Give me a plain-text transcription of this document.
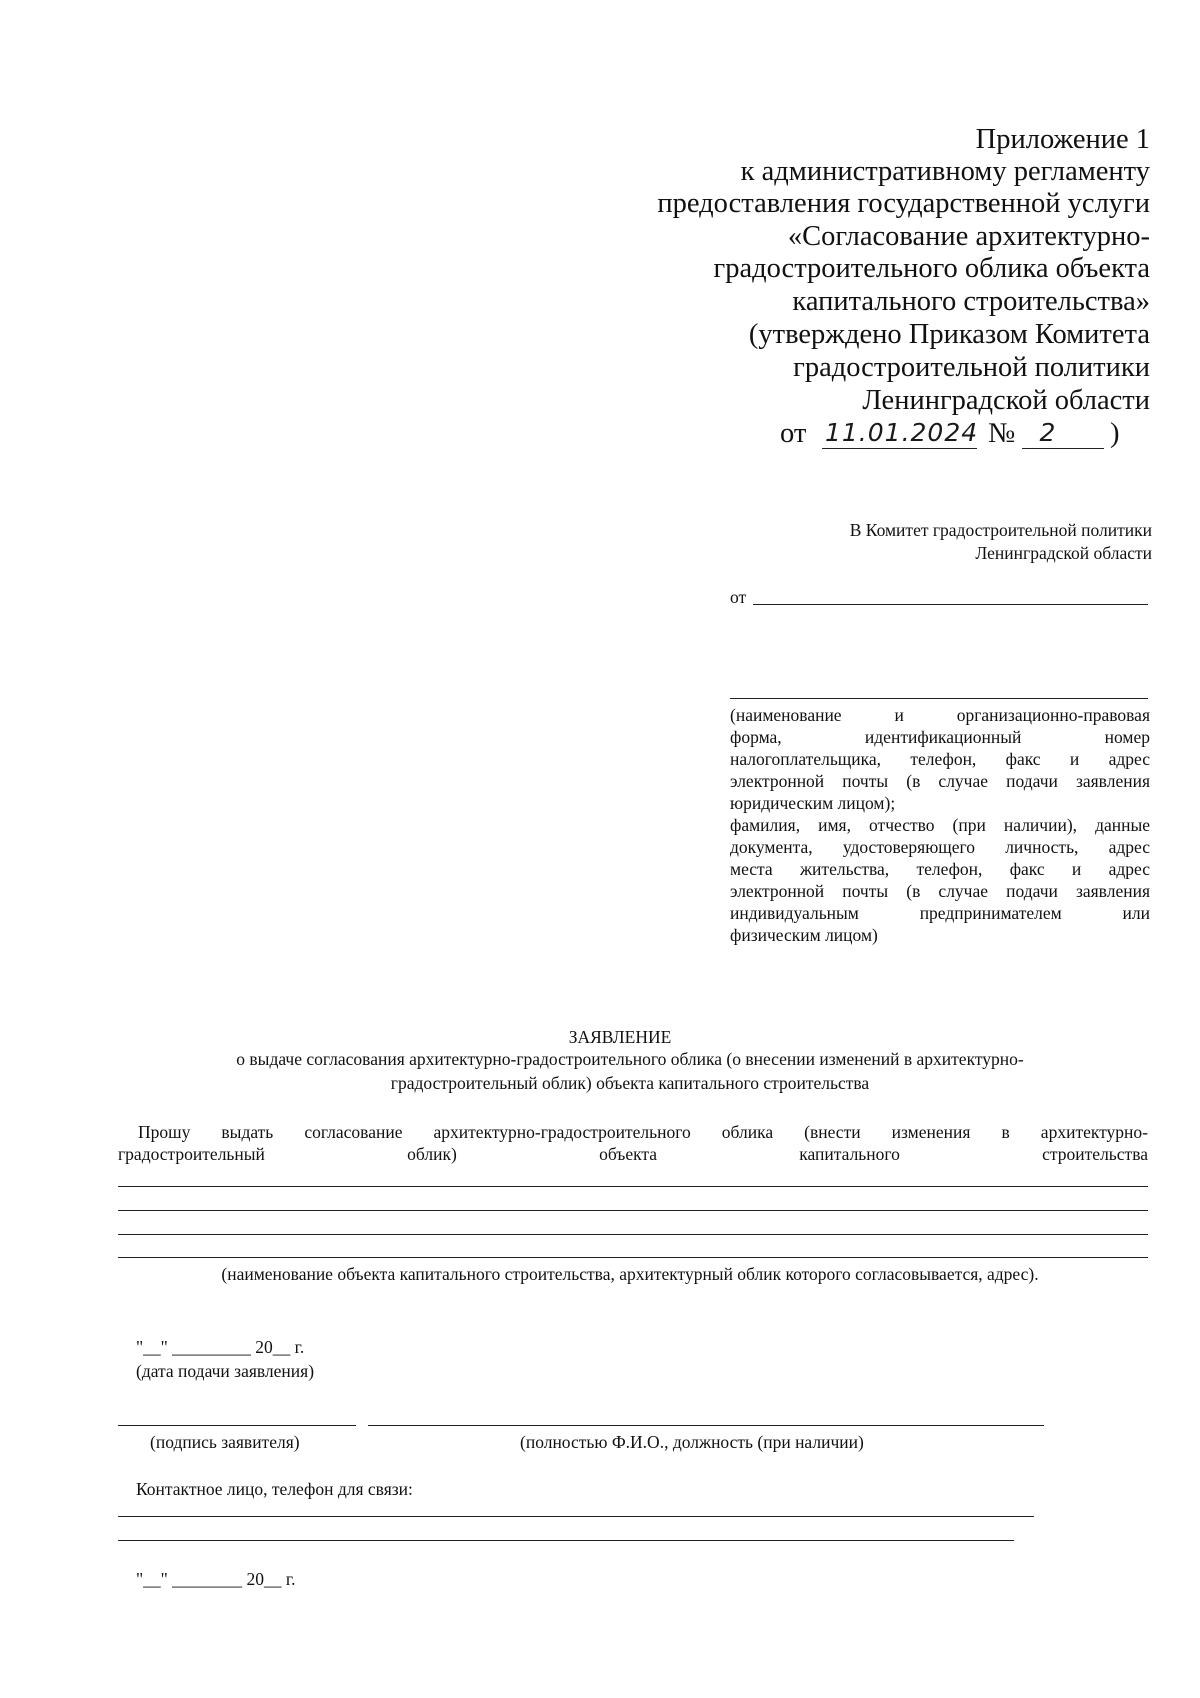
Приложение 1
к административному регламенту
предоставления государственной услуги
«Согласование архитектурно-
градостроительного облика объекта
капитального строительства»
(утверждено Приказом Комитета
градостроительной политики
Ленинградской области
от 11.01.2024 № 2	)
В Комитет градостроительной политики
Ленинградской области
от
(наименование и организационно-правовая
форма, идентификационный номер
налогоплательщика, телефон, факс и адрес
электронной почты (в случае подачи заявления
юридическим лицом);
фамилия, имя, отчество (при наличии), данные
документа, удостоверяющего личность, адрес
места жительства, телефон, факс и адрес
электронной почты (в случае подачи заявления
индивидуальным предпринимателем или
физическим лицом)
ЗАЯВЛЕНИЕ
о выдаче согласования архитектурно-градостроительного облика (о внесении изменений в архитектурно-
градостроительный облик) объекта капитального строительства
Прошу выдать согласование архитектурно-градостроительного облика (внести изменения в архитектурно-
градостроительный облик) объекта капитального строительства
(наименование объекта капитального строительства, архитектурный облик которого согласовывается, адрес).
"__" _________ 20__ г.
(дата подачи заявления)
(подпись заявителя)	(полностью Ф.И.О., должность (при наличии)
Контактное лицо, телефон для связи:
"__" ________ 20__ г.
